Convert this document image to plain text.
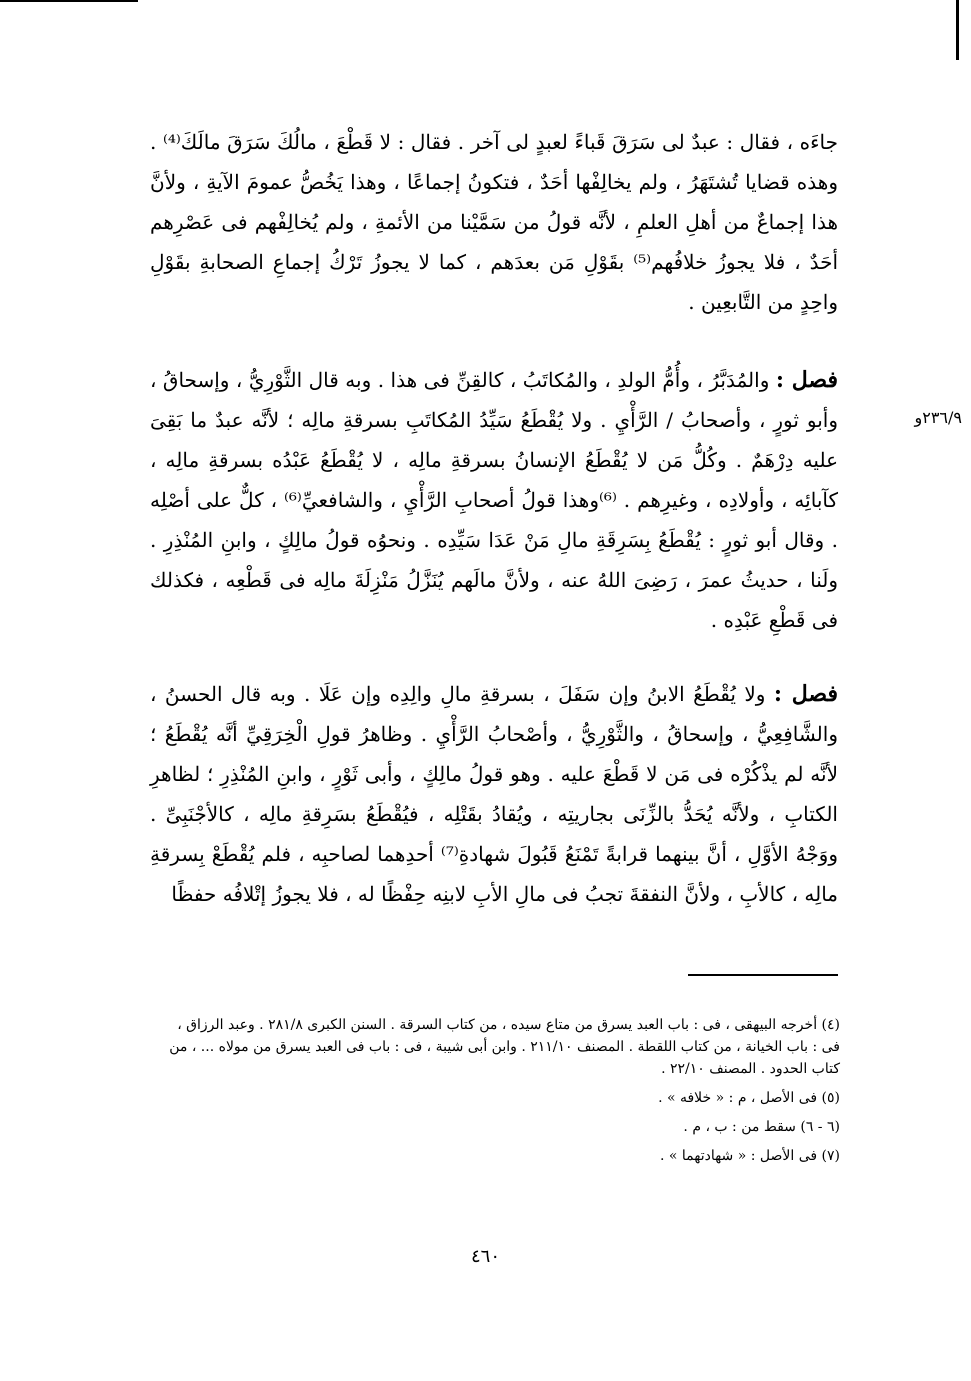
جاءَه ، فقال : عبدٌ لى سَرَقَ قَباءً لعبدٍ لى آخر . فقال : لا قَطْعَ ، مالُكَ سَرَقَ مالَكَ⁽⁴⁾ . وهذه قضايا تُشتَهَرُ ، ولم يخالِفْها أحَدٌ ، فتكونُ إجماعًا ، وهذا يَخُصُّ عمومَ الآيةِ ، ولأنَّ هذا إجماعٌ من أهلِ العلمِ ، لأنَّه قولُ من سَمَّيْنا من الأئمةِ ، ولم يُخالِفْهم فى عَصْرِهم أحَدٌ ، فلا يجوزُ خلافُهم⁽⁵⁾ بقَوْلِ مَن بعدَهم ، كما لا يجوزُ تَرْكُ إجماعِ الصحابةِ بقَوْلِ واحِدٍ من التَّابعِين .
فصل : والمُدَبَّرُ ، وأُمُّ الولدِ ، والمُكاتَبُ ، كالقِنِّ فى هذا . وبه قال الثَّوْرِيُّ ، وإسحاقُ ، وأبو ثورٍ ، وأصحابُ / الرَّأْيِ . ولا يُقْطَعُ سَيِّدُ المُكاتَبِ بسرقةِ مالِه ؛ لأنَّه عبدٌ ما بَقِىَ عليه دِرْهَمٌ . وكُلُّ مَن لا يُقْطَعُ الإنسانُ بسرقةِ مالِه ، لا يُقْطَعُ عَبْدُه بسرقةِ مالِه ، كآبائِه ، وأولادِه ، وغيرِهم . ⁽⁶⁾وهذا قولُ أصحابِ الرَّأْيِ ، والشافعيِّ⁽⁶⁾ ، كلٌّ على أصْلِه . وقال أبو ثورٍ : يُقْطَعُ بِسَرِقَةِ مالِ مَنْ عَدَا سَيِّدِه . ونحوُه قولُ مالِكٍ ، وابنِ المُنْذِرِ . ولَنا ، حديثُ عمرَ ، رَضِىَ اللهُ عنه ، ولأنَّ مالَهم يُنَزَّلُ مَنْزِلَةَ مالِه فى قَطْعِه ، فكذلك فى قَطْعِ عَبْدِه .
٢٣٦/٩و
فصل : ولا يُقْطَعُ الابنُ وإن سَفَلَ ، بسرقةِ مالِ والِدِه وإن عَلَا . وبه قال الحسنُ ، والشَّافِعِيُّ ، وإسحاقُ ، والثَّوْرِيُّ ، وأصْحابُ الرَّأْيِ . وظاهرُ قولِ الْخِرَقِيِّ أنَّه يُقْطَعُ ؛ لأنَّه لم يذْكُرْه فى مَن لا قَطْعَ عليه . وهو قولُ مالِكٍ ، وأبى ثَوْرٍ ، وابنِ المُنْذِرِ ؛ لظاهرِ الكتابِ ، ولأنَّه يُحَدُّ بالزِّنَى بجاريتِه ، ويُقادُ بقَتْلِه ، فيُقْطَعُ بسَرِقةِ مالِه ، كالأجْنَبِىِّ . ووَجْهُ الأوَّلِ ، أنَّ بينهما قرابةً تَمْنَعُ قَبُولَ شهادةِ⁽⁷⁾ أحدِهما لصاحبِه ، فلم يُقْطَعْ بِسرقةِ مالِه ، كالأبِ ، ولأنَّ النفقةَ تجبُ فى مالِ الأبِ لابنِه حِفْظًا له ، فلا يجوزُ إتْلافُه حفظًا

(٤) أخرجه البيهقى ، فى : باب العبد يسرق من متاع سيده ، من كتاب السرقة . السنن الكبرى ٢٨١/٨ . وعبد الرزاق ، فى : باب الخيانة ، من كتاب اللقطة . المصنف ٢١١/١٠ . وابن أبى شيبة ، فى : باب فى العبد يسرق من مولاه ... ، من كتاب الحدود . المصنف ٢٢/١٠ .

(٥) فى الأصل ، م : « خلافه » .

(٦ - ٦) سقط من : ب ، م .

(٧) فى الأصل : « شهادتهما » .

٤٦٠
